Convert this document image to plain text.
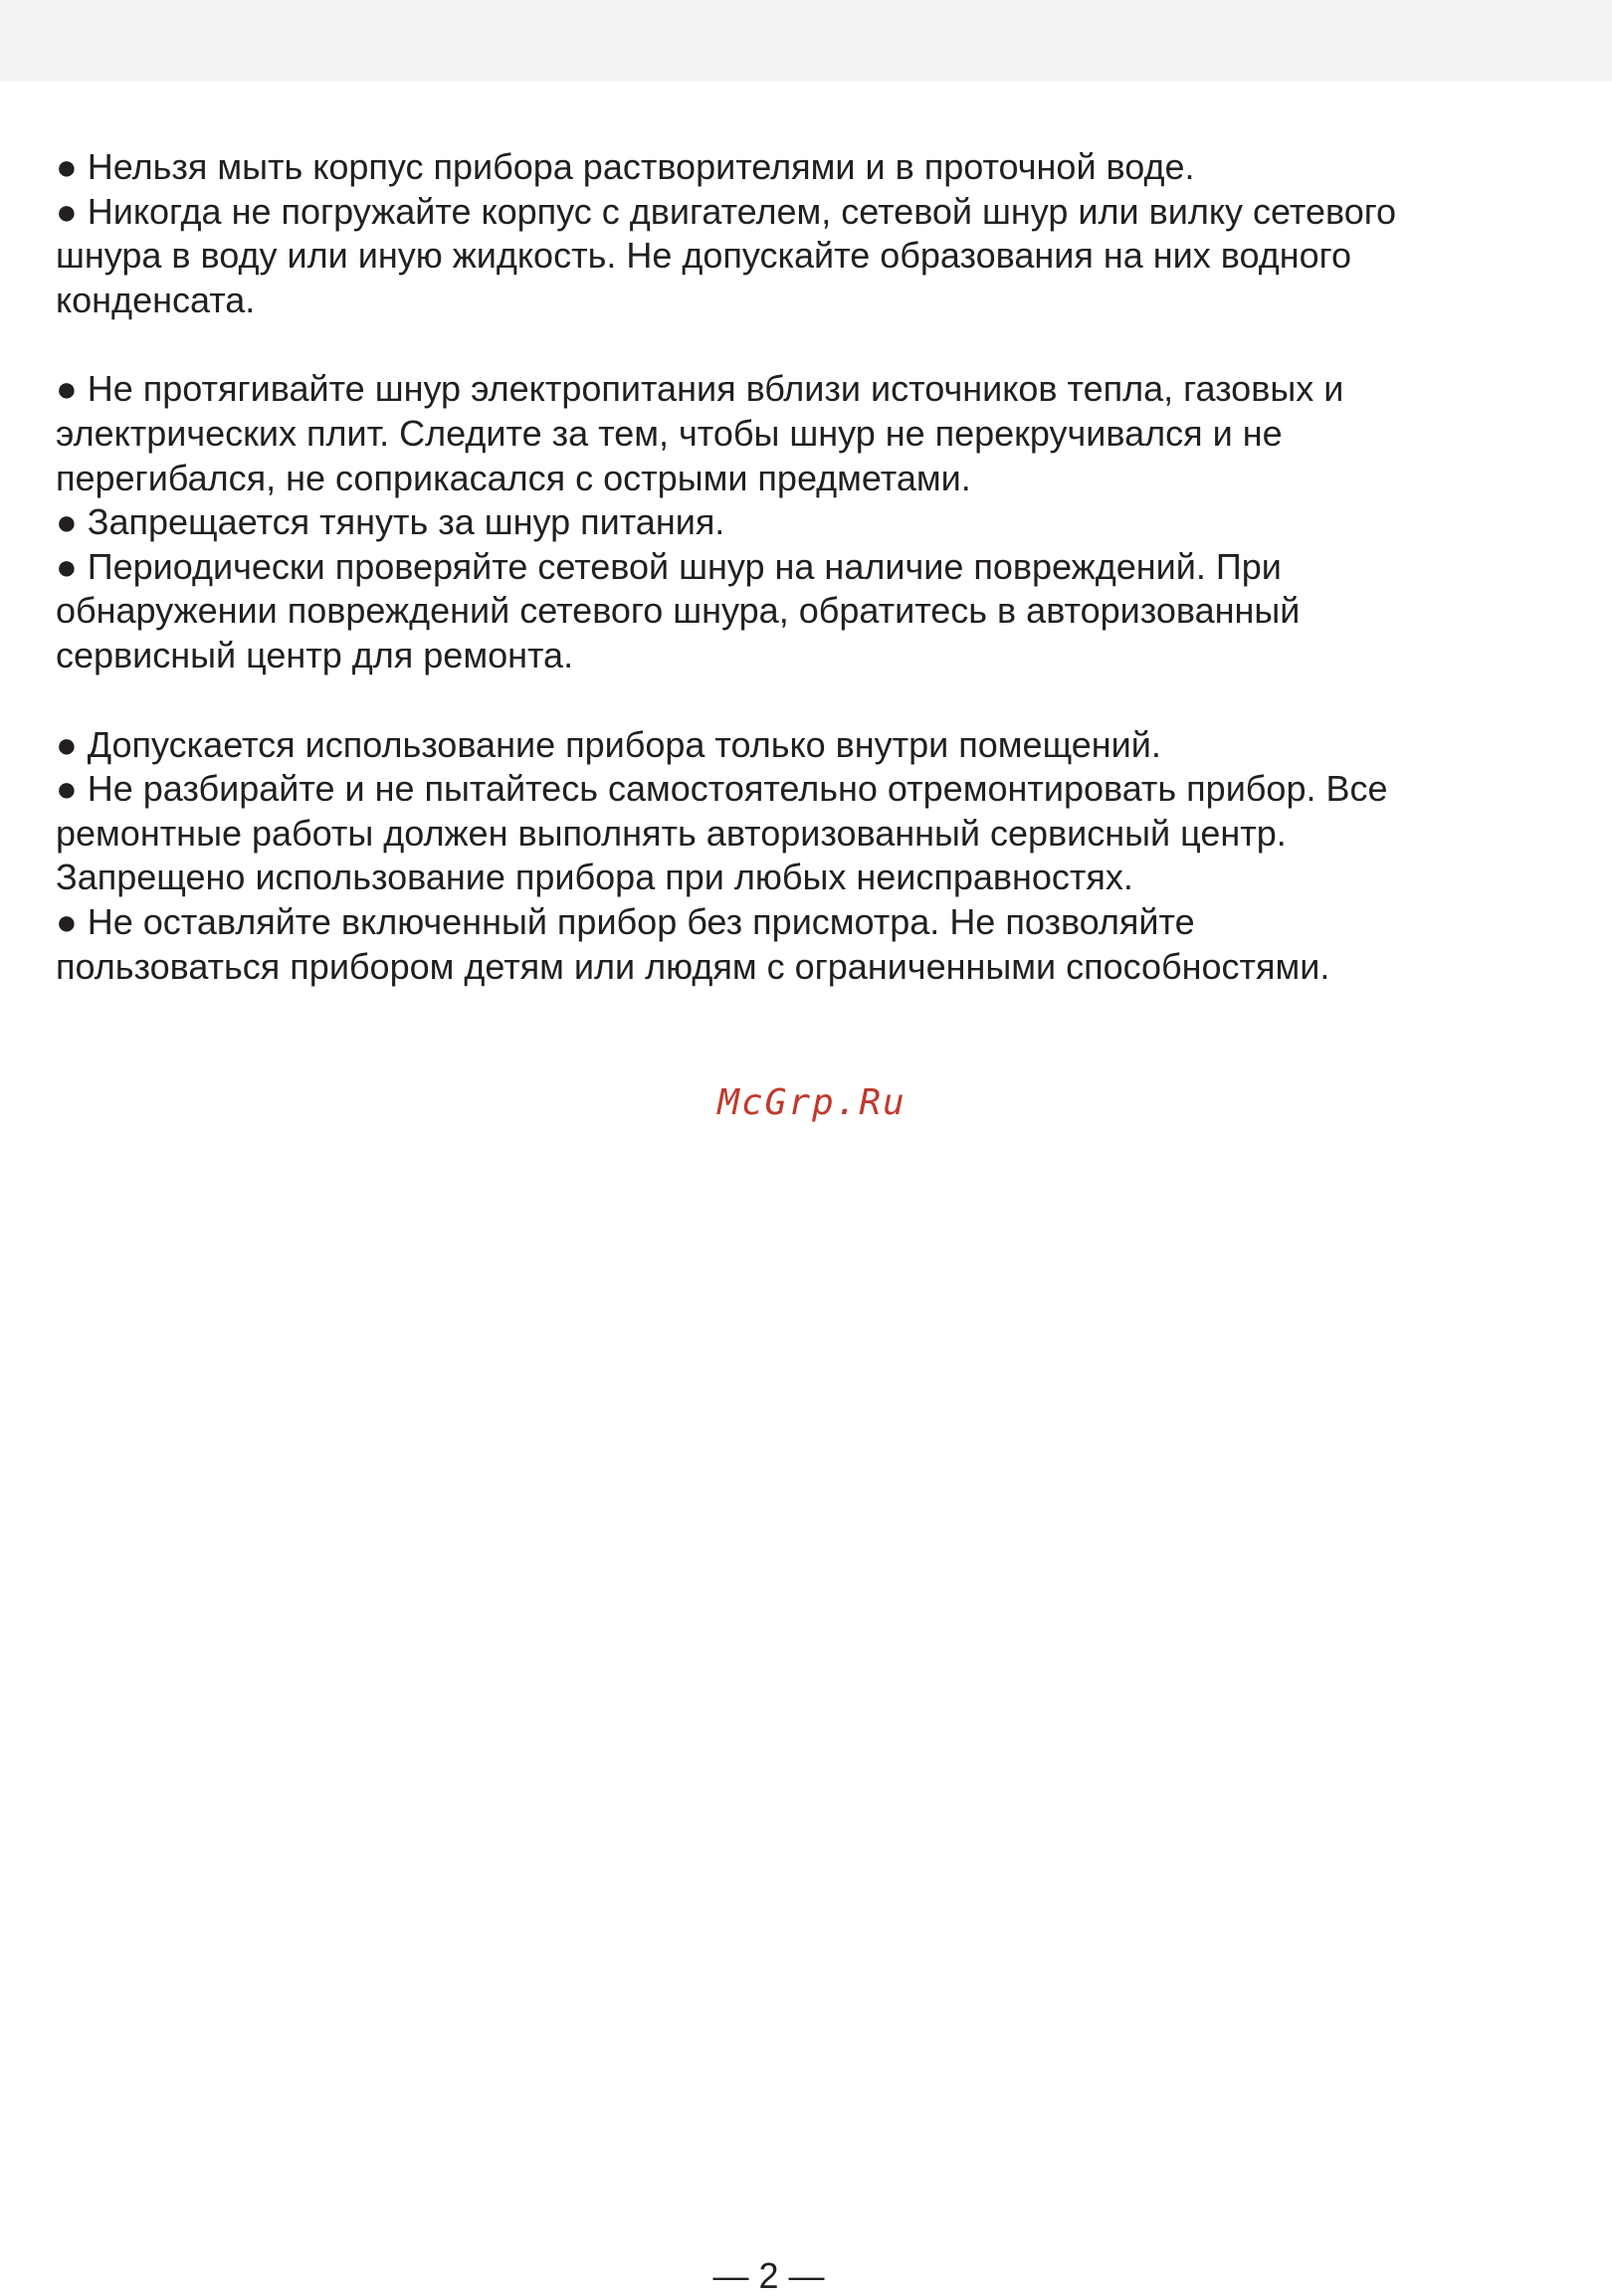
● Нельзя мыть корпус прибора растворителями и в проточной воде.
● Никогда не погружайте корпус с двигателем, сетевой шнур или вилку сетевого
шнура в воду или иную жидкость. Не допускайте образования на них водного
конденсата.
● Не протягивайте шнур электропитания вблизи источников тепла, газовых и
электрических плит. Следите за тем, чтобы шнур не перекручивался и не
перегибался, не соприкасался с острыми предметами.
● Запрещается тянуть за шнур питания.
● Периодически проверяйте сетевой шнур на наличие повреждений. При
обнаружении повреждений сетевого шнура, обратитесь в авторизованный
сервисный центр для ремонта.
● Допускается использование прибора только внутри помещений.
● Не разбирайте и не пытайтесь самостоятельно отремонтировать прибор. Все
ремонтные работы должен выполнять авторизованный сервисный центр.
Запрещено использование прибора при любых неисправностях.
● Не оставляйте включенный прибор без присмотра. Не позволяйте
пользоваться прибором детям или людям с ограниченными способностями.
McGrp.Ru
— 2 —
